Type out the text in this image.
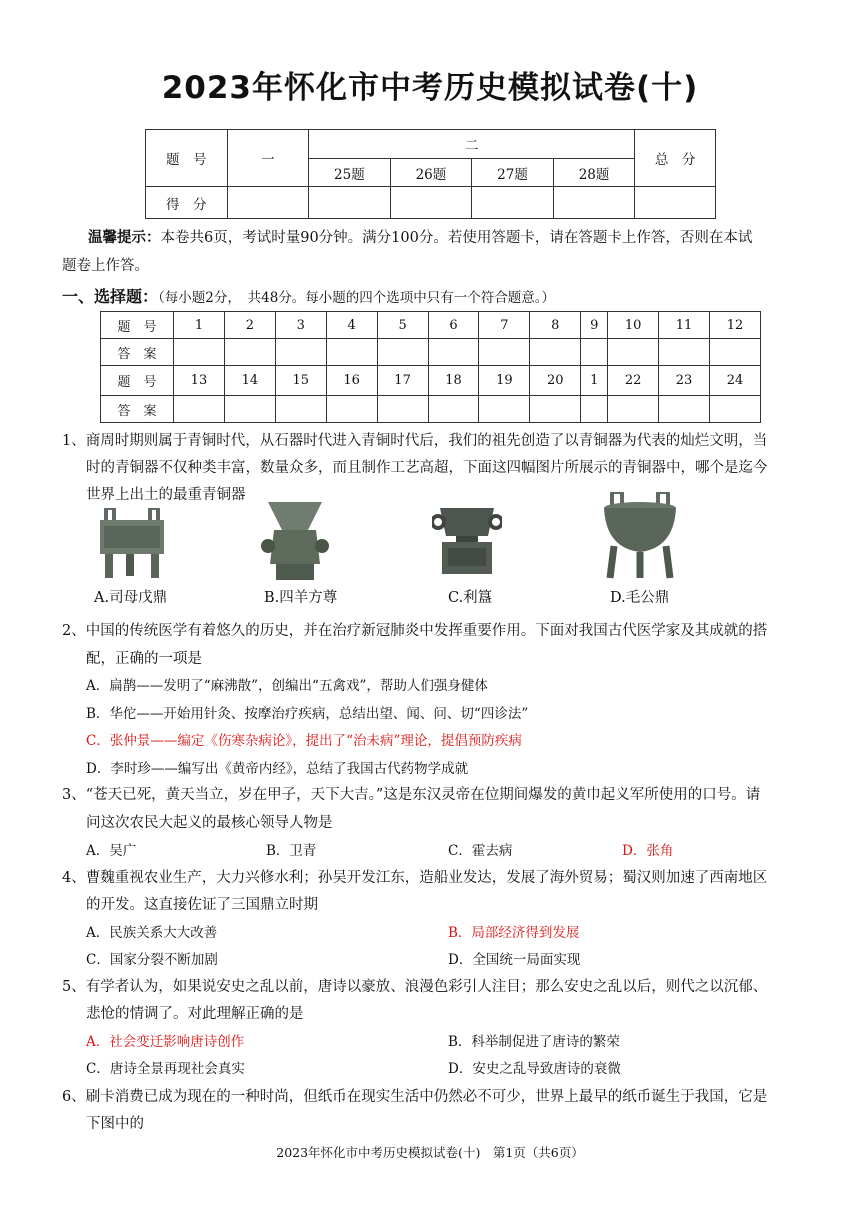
2023年怀化市中考历史模拟试卷(十)
题　号	一	二				总　分
		25题	26题	27题	28题	
得　分						
温馨提示：本卷共6页，考试时量90分钟。满分100分。若使用答题卡，请在答题卡上作答，否则在本试
题卷上作答。
一、选择题：（每小题2分，　共48分。每小题的四个选项中只有一个符合题意。）
题　号	1	2	3	4	5	6	7	8	9	10	11	12
答　案												
题　号	13	14	15	16	17	18	19	20	1	22	23	24
答　案												
1、商周时期则属于青铜时代，从石器时代进入青铜时代后，我们的祖先创造了以青铜器为代表的灿烂文明，当
时的青铜器不仅种类丰富，数量众多，而且制作工艺高超，下面这四幅图片所展示的青铜器中，哪个是迄今
世界上出土的最重青铜器
A.司母戊鼎	B.四羊方尊	C.利簋	D.毛公鼎
2、中国的传统医学有着悠久的历史，并在治疗新冠肺炎中发挥重要作用。下面对我国古代医学家及其成就的搭
配，正确的一项是
A．扁鹊——发明了“麻沸散”，创编出“五禽戏”，帮助人们强身健体
B．华佗——开始用针灸、按摩治疗疾病，总结出望、闻、问、切“四诊法”
C．张仲景——编定《伤寒杂病论》，提出了“治未病”理论，提倡预防疾病
D．李时珍——编写出《黄帝内经》，总结了我国古代药物学成就
3、“苍天已死，黄天当立，岁在甲子，天下大吉。”这是东汉灵帝在位期间爆发的黄巾起义军所使用的口号。请
问这次农民大起义的最核心领导人物是
A．吴广	B．卫青	C．霍去病	D．张角
4、曹魏重视农业生产，大力兴修水利；孙吴开发江东，造船业发达，发展了海外贸易；蜀汉则加速了西南地区
的开发。这直接佐证了三国鼎立时期
A．民族关系大大改善	B．局部经济得到发展
C．国家分裂不断加剧	D．全国统一局面实现
5、有学者认为，如果说安史之乱以前，唐诗以豪放、浪漫色彩引人注目；那么安史之乱以后，则代之以沉郁、
悲怆的情调了。对此理解正确的是
A．社会变迁影响唐诗创作	B．科举制促进了唐诗的繁荣
C．唐诗全景再现社会真实	D．安史之乱导致唐诗的衰微
6、刷卡消费已成为现在的一种时尚，但纸币在现实生活中仍然必不可少，世界上最早的纸币诞生于我国，它是
下图中的
2023年怀化市中考历史模拟试卷(十)　第1页（共6页）
